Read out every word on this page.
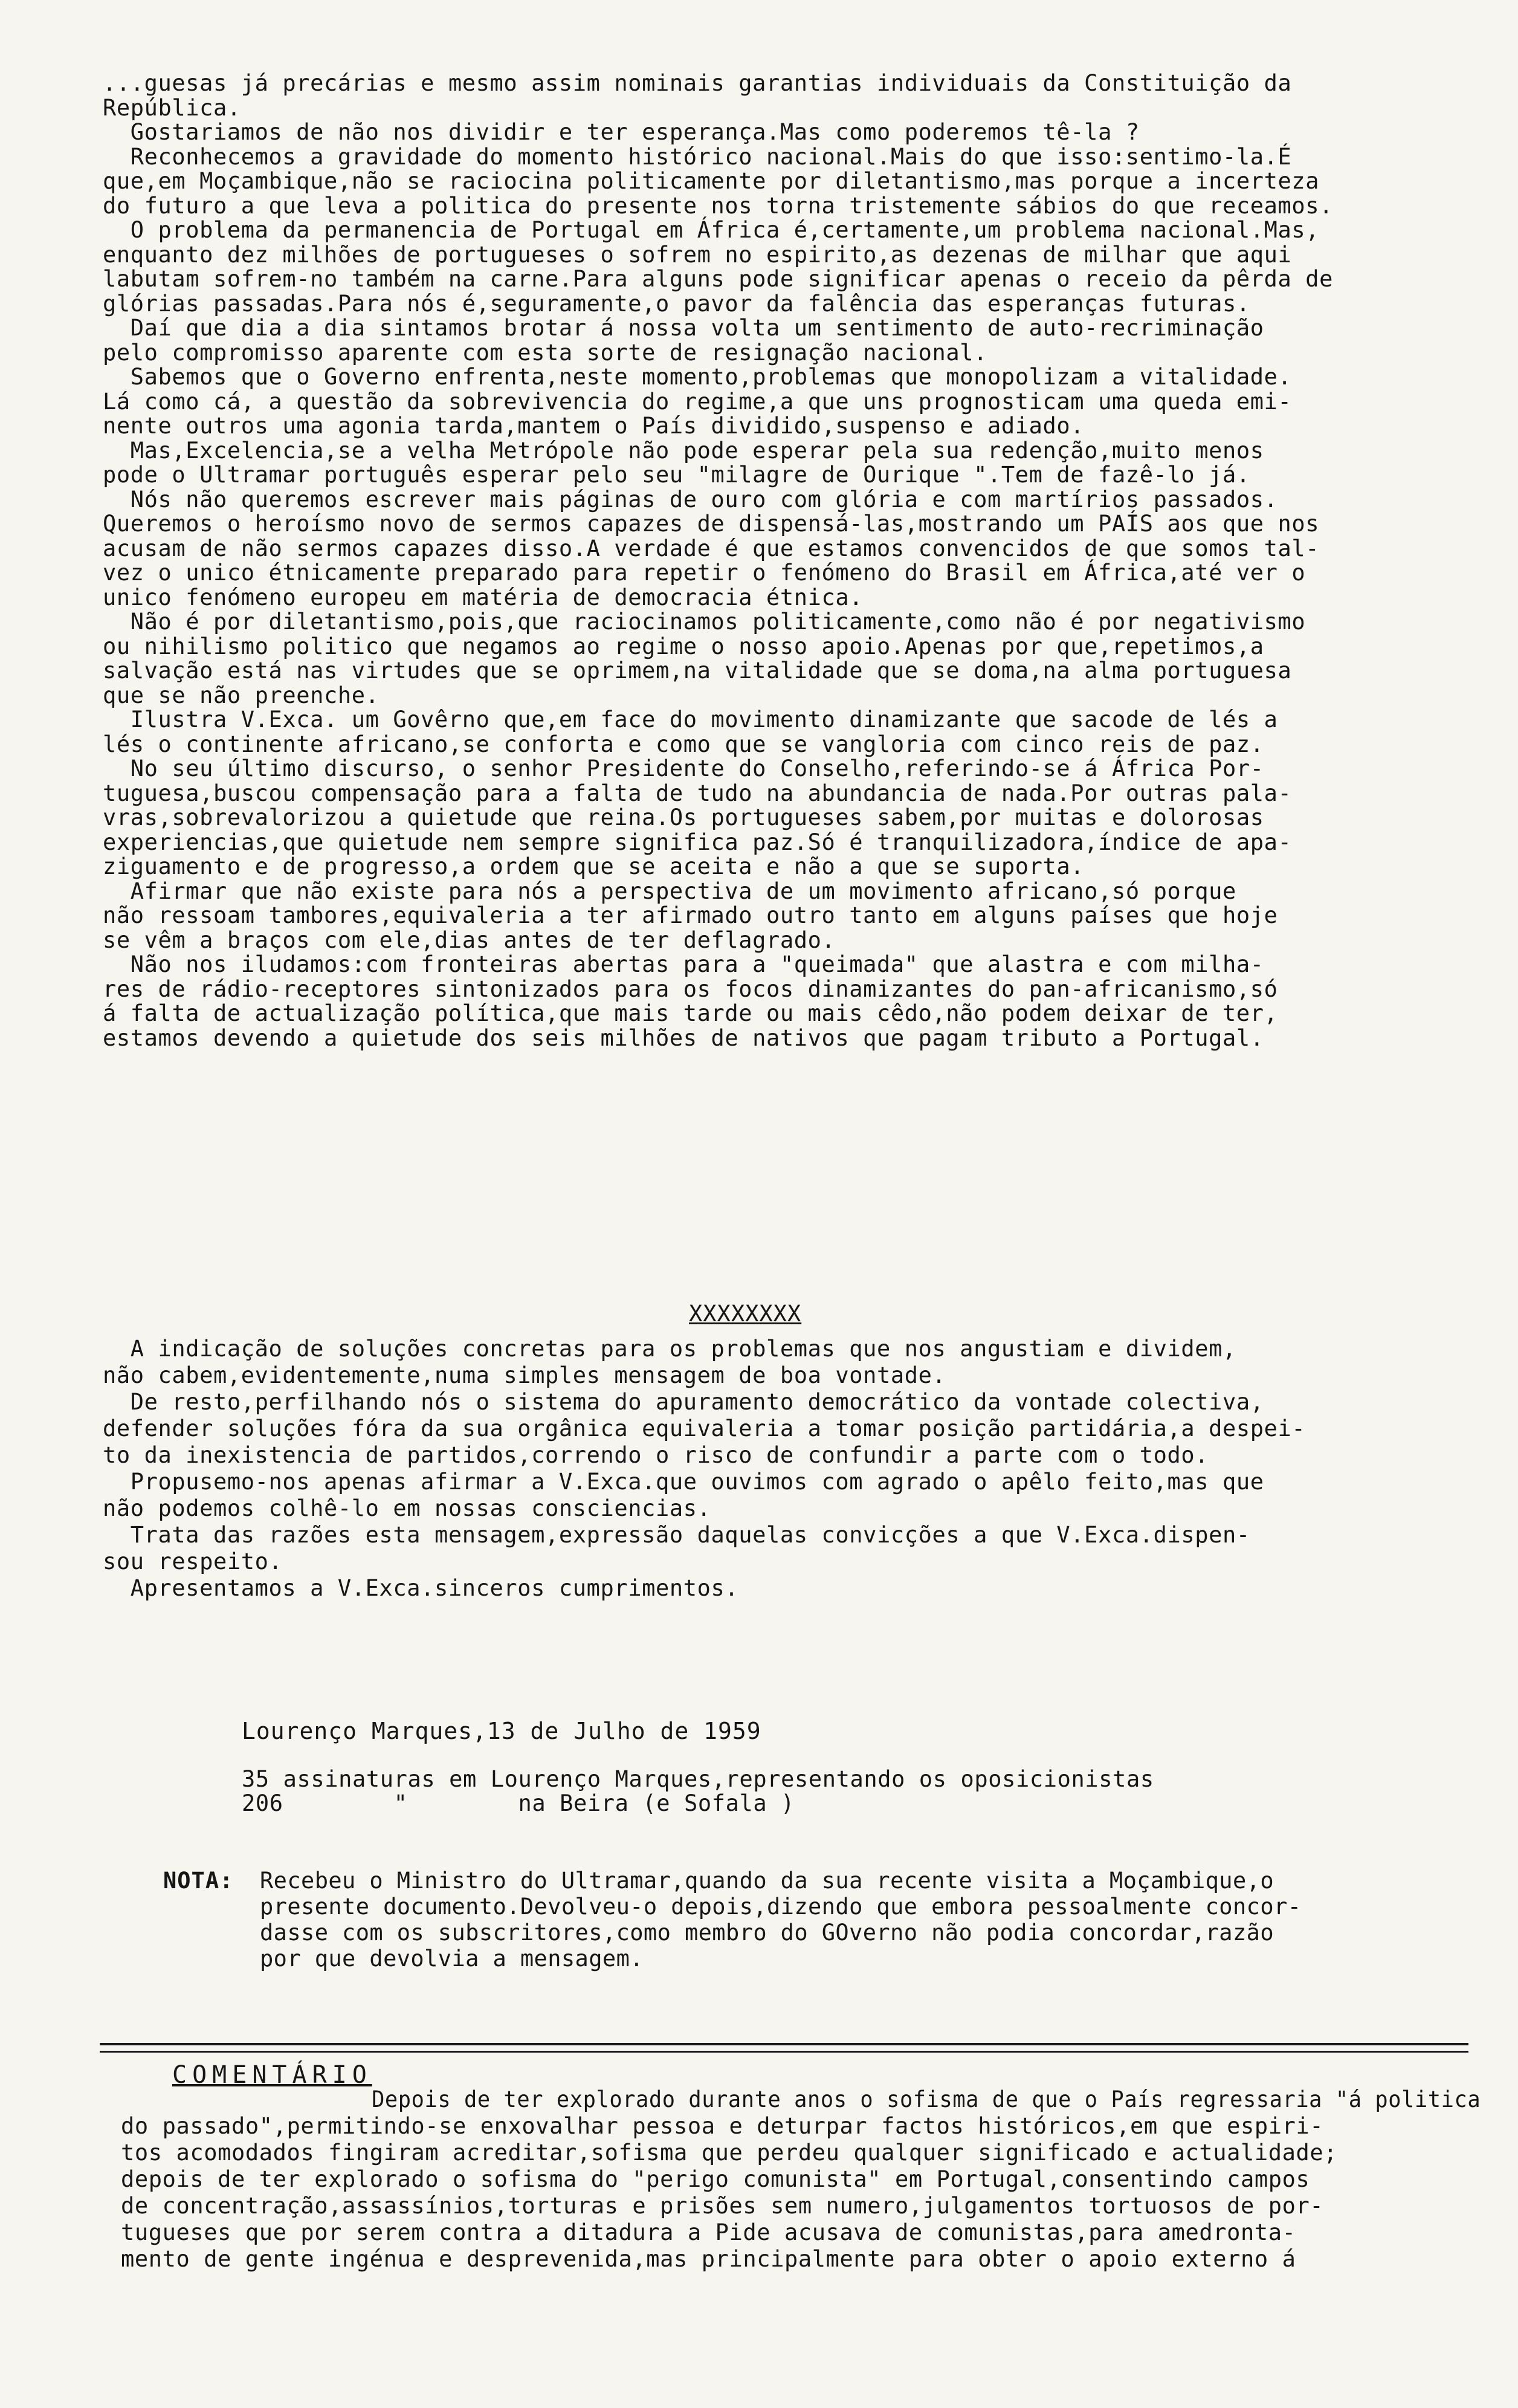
...guesas já precárias e mesmo assim nominais garantias individuais da Constituição da
República.
Gostariamos de não nos dividir e ter esperança.Mas como poderemos tê-la ?
Reconhecemos a gravidade do momento histórico nacional.Mais do que isso:sentimo-la.É
que,em Moçambique,não se raciocina politicamente por diletantismo,mas porque a incerteza
do futuro a que leva a politica do presente nos torna tristemente sábios do que receamos.
O problema da permanencia de Portugal em África é,certamente,um problema nacional.Mas,
enquanto dez milhões de portugueses o sofrem no espirito,as dezenas de milhar que aqui
labutam sofrem-no também na carne.Para alguns pode significar apenas o receio da pêrda de
glórias passadas.Para nós é,seguramente,o pavor da falência das esperanças futuras.
Daí que dia a dia sintamos brotar á nossa volta um sentimento de auto-recriminação
pelo compromisso aparente com esta sorte de resignação nacional.
Sabemos que o Governo enfrenta,neste momento,problemas que monopolizam a vitalidade.
Lá como cá, a questão da sobrevivencia do regime,a que uns prognosticam uma queda emi-
nente outros uma agonia tarda,mantem o País dividido,suspenso e adiado.
Mas,Excelencia,se a velha Metrópole não pode esperar pela sua redenção,muito menos
pode o Ultramar português esperar pelo seu "milagre de Ourique ".Tem de fazê-lo já.
Nós não queremos escrever mais páginas de ouro com glória e com martírios passados.
Queremos o heroísmo novo de sermos capazes de dispensá-las,mostrando um PAÍS aos que nos
acusam de não sermos capazes disso.A verdade é que estamos convencidos de que somos tal-
vez o unico étnicamente preparado para repetir o fenómeno do Brasil em África,até ver o
unico fenómeno europeu em matéria de democracia étnica.
Não é por diletantismo,pois,que raciocinamos politicamente,como não é por negativismo
ou nihilismo politico que negamos ao regime o nosso apoio.Apenas por que,repetimos,a
salvação está nas virtudes que se oprimem,na vitalidade que se doma,na alma portuguesa
que se não preenche.
Ilustra V.Exca. um Govêrno que,em face do movimento dinamizante que sacode de lés a
lés o continente africano,se conforta e como que se vangloria com cinco reis de paz.
No seu último discurso, o senhor Presidente do Conselho,referindo-se á África Por-
tuguesa,buscou compensação para a falta de tudo na abundancia de nada.Por outras pala-
vras,sobrevalorizou a quietude que reina.Os portugueses sabem,por muitas e dolorosas
experiencias,que quietude nem sempre significa paz.Só é tranquilizadora,índice de apa-
ziguamento e de progresso,a ordem que se aceita e não a que se suporta.
Afirmar que não existe para nós a perspectiva de um movimento africano,só porque
não ressoam tambores,equivaleria a ter afirmado outro tanto em alguns países que hoje
se vêm a braços com ele,dias antes de ter deflagrado.
Não nos iludamos:com fronteiras abertas para a "queimada" que alastra e com milha-
res de rádio-receptores sintonizados para os focos dinamizantes do pan-africanismo,só
á falta de actualização política,que mais tarde ou mais cêdo,não podem deixar de ter,
estamos devendo a quietude dos seis milhões de nativos que pagam tributo a Portugal.
XXXXXXXX
A indicação de soluções concretas para os problemas que nos angustiam e dividem,
não cabem,evidentemente,numa simples mensagem de boa vontade.
De resto,perfilhando nós o sistema do apuramento democrático da vontade colectiva,
defender soluções fóra da sua orgânica equivaleria a tomar posição partidária,a despei-
to da inexistencia de partidos,correndo o risco de confundir a parte com o todo.
Propusemo-nos apenas afirmar a V.Exca.que ouvimos com agrado o apêlo feito,mas que
não podemos colhê-lo em nossas consciencias.
Trata das razões esta mensagem,expressão daquelas convicções a que V.Exca.dispen-
sou respeito.
Apresentamos a V.Exca.sinceros cumprimentos.
Lourenço Marques,13 de Julho de 1959
35 assinaturas em Lourenço Marques,representando os oposicionistas
206        "        na Beira (e Sofala )
NOTA: Recebeu o Ministro do Ultramar,quando da sua recente visita a Moçambique,o
presente documento.Devolveu-o depois,dizendo que embora pessoalmente concor-
dasse com os subscritores,como membro do GOverno não podia concordar,razão
por que devolvia a mensagem.
COMENTÁRIO
Depois de ter explorado durante anos o sofisma de que o País regressaria "á politica
do passado",permitindo-se enxovalhar pessoa e deturpar factos históricos,em que espiri-
tos acomodados fingiram acreditar,sofisma que perdeu qualquer significado e actualidade;
depois de ter explorado o sofisma do "perigo comunista" em Portugal,consentindo campos
de concentração,assassínios,torturas e prisões sem numero,julgamentos tortuosos de por-
tugueses que por serem contra a ditadura a Pide acusava de comunistas,para amedronta-
mento de gente ingénua e desprevenida,mas principalmente para obter o apoio externo á
